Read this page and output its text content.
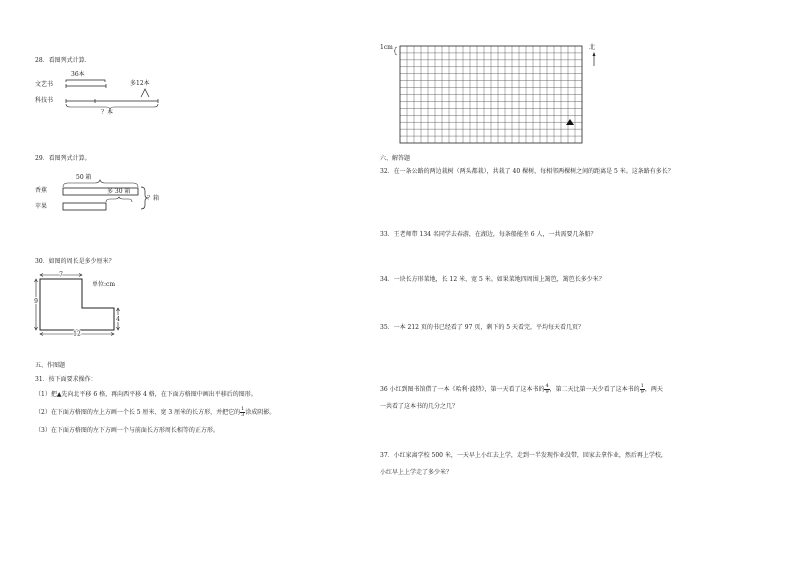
28．看图列式计算．
文艺书
科技书
36本
多12本
？本
29．看图列式计算。
香蕉
苹果
50 箱
多 30 箱
？箱
30．如图的周长是多少厘米？
单位:cm
7
9
4
12
五、作图题
31．按下面要求操作：
（1）把▲先向北平移 6 格，再向西平移 4 格，在下面方格图中画出平移后的图形。
（2）在下面方格图的左上方画一个长 5 厘米、宽 3 厘米的长方形，并把它的 $\frac{1}{3}$ 涂成阴影。
（3）在下面方格图的左下方画一个与前面长方形周长相等的正方形。
1cm	北
六、解答题
32．在一条公路的两边栽树（两头都栽），共栽了 40 棵树，每相邻两棵树之间的距离是 5 米。这条路有多长？
33．王老师带 134 名同学去春游，在湖边，每条船能坐 6 人，一共需要几条船？
34．一块长方形菜地，长 12 米，宽 5 米。如果菜地四周围上篱笆，篱笆长多少米？
35．一本 212 页的书已经看了 97 页，剩下的 5 天看完，平均每天看几页？
36 小红到图书馆借了一本《哈利·波特》，第一天看了这本书的 $\frac{4}{9}$ ，第二天比第一天少看了这本书的 $\frac{1}{9}$ ，两天
一共看了这本书的几分之几？
37．小红家离学校 500 米，一天早上小红去上学，走到一半发现作业没带，回家去拿作业，然后再上学校，
小红早上上学走了多少米？
